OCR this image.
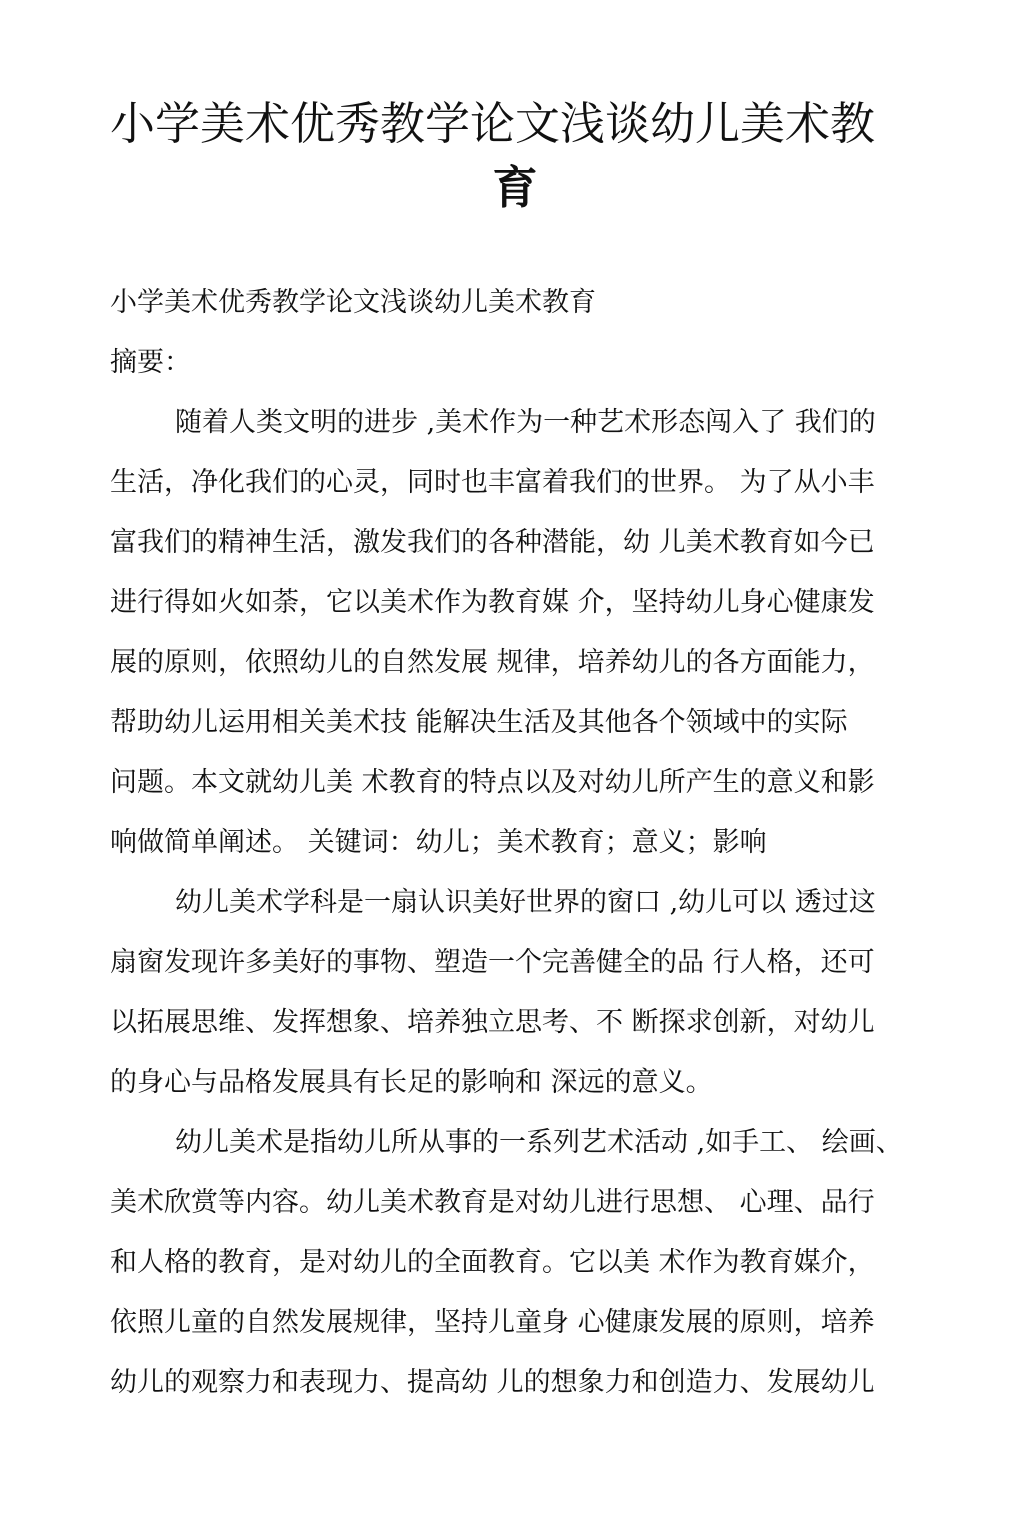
小学美术优秀教学论文浅谈幼儿美术教
育

小学美术优秀教学论文浅谈幼儿美术教育

摘要：

随着人类文明的进步 ,美术作为一种艺术形态闯入了 我们的

生活，净化我们的心灵，同时也丰富着我们的世界。 为了从小丰

富我们的精神生活，激发我们的各种潜能，幼 儿美术教育如今已

进行得如火如荼，它以美术作为教育媒 介，坚持幼儿身心健康发

展的原则，依照幼儿的自然发展 规律，培养幼儿的各方面能力，

帮助幼儿运用相关美术技 能解决生活及其他各个领域中的实际

问题。本文就幼儿美 术教育的特点以及对幼儿所产生的意义和影

响做简单阐述。 关键词：幼儿；美术教育；意义；影响

幼儿美术学科是一扇认识美好世界的窗口 ,幼儿可以 透过这

扇窗发现许多美好的事物、塑造一个完善健全的品 行人格，还可

以拓展思维、发挥想象、培养独立思考、不 断探求创新，对幼儿

的身心与品格发展具有长足的影响和 深远的意义。

幼儿美术是指幼儿所从事的一系列艺术活动 ,如手工、 绘画、

美术欣赏等内容。幼儿美术教育是对幼儿进行思想、 心理、品行

和人格的教育，是对幼儿的全面教育。它以美 术作为教育媒介，

依照儿童的自然发展规律，坚持儿童身 心健康发展的原则，培养

幼儿的观察力和表现力、提高幼 儿的想象力和创造力、发展幼儿
